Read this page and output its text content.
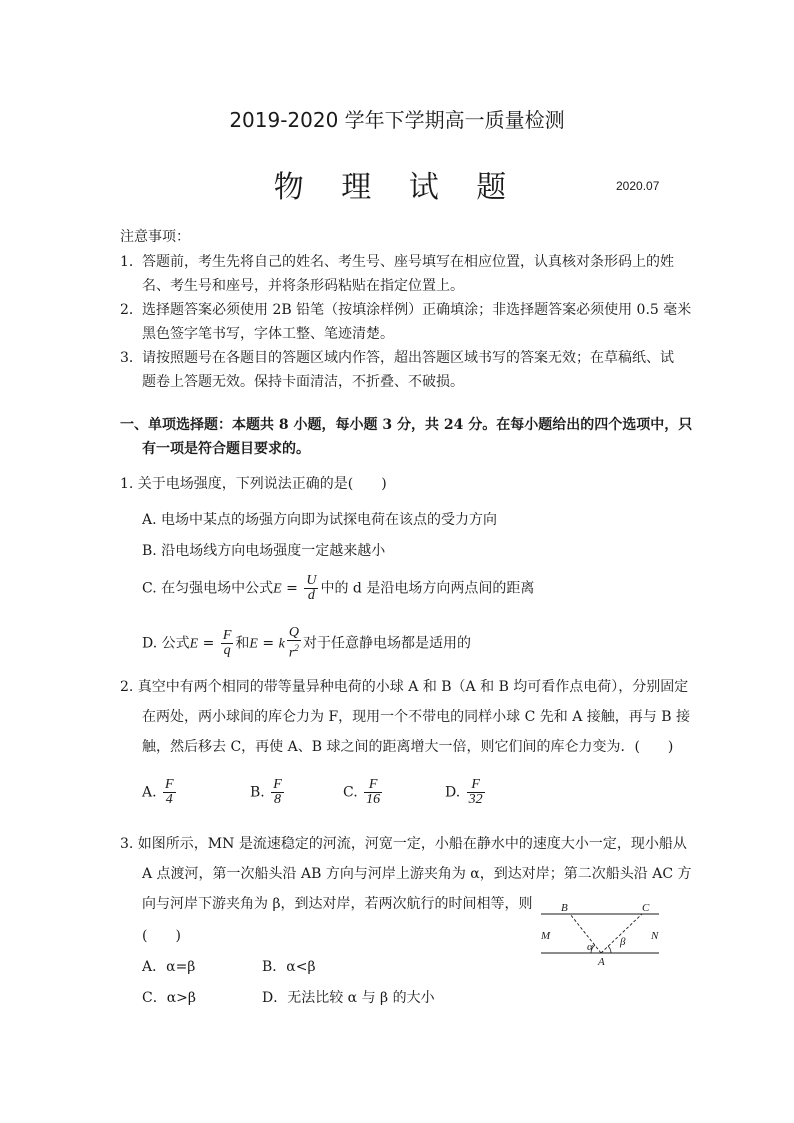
2019-2020 学年下学期高一质量检测
物 理 试 题	2020.07
注意事项：
1． 答题前，考生先将自己的姓名、考生号、座号填写在相应位置，认真核对条形码上的姓
名、考生号和座号，并将条形码粘贴在指定位置上。
2． 选择题答案必须使用 2B 铅笔（按填涂样例）正确填涂；非选择题答案必须使用 0.5 毫米
黑色签字笔书写，字体工整、笔迹清楚。
3． 请按照题号在各题目的答题区域内作答，超出答题区域书写的答案无效；在草稿纸、试
题卷上答题无效。保持卡面清洁，不折叠、不破损。
一、单项选择题：本题共 8 小题，每小题 3 分，共 24 分。在每小题给出的四个选项中，只
有一项是符合题目要求的。
1. 关于电场强度，下列说法正确的是(　　)
A. 电场中某点的场强方向即为试探电荷在该点的受力方向
B. 沿电场线方向电场强度一定越来越小
C. 在匀强电场中公式$E = \frac{U}{d}$ 中的 d 是沿电场方向两点间的距离
D. 公式$E = \frac{F}{q}$ 和E = k $\frac{Q}{r^2}$ 对于任意静电场都是适用的
2. 真空中有两个相同的带等量异种电荷的小球 A 和 B（A 和 B 均可看作点电荷），分别固定
在两处，两小球间的库仑力为 F，现用一个不带电的同样小球 C 先和 A 接触，再与 B 接
触，然后移去 C，再使 A、B 球之间的距离增大一倍，则它们间的库仑力变为．(　　)
A. $\frac{F}{4}$	B. $\frac{F}{8}$	C. $\frac{F}{16}$	D. $\frac{F}{32}$
3. 如图所示，MN 是流速稳定的河流，河宽一定，小船在静水中的速度大小一定，现小船从
A 点渡河，第一次船头沿 AB 方向与河岸上游夹角为 α，到达对岸；第二次船头沿 AC 方
向与河岸下游夹角为 β，到达对岸，若两次航行的时间相等，则
(　　)
A．α=β	B．α<β
C．α>β	D．无法比较 α 与 β 的大小
B	C
M	N
A
α β
